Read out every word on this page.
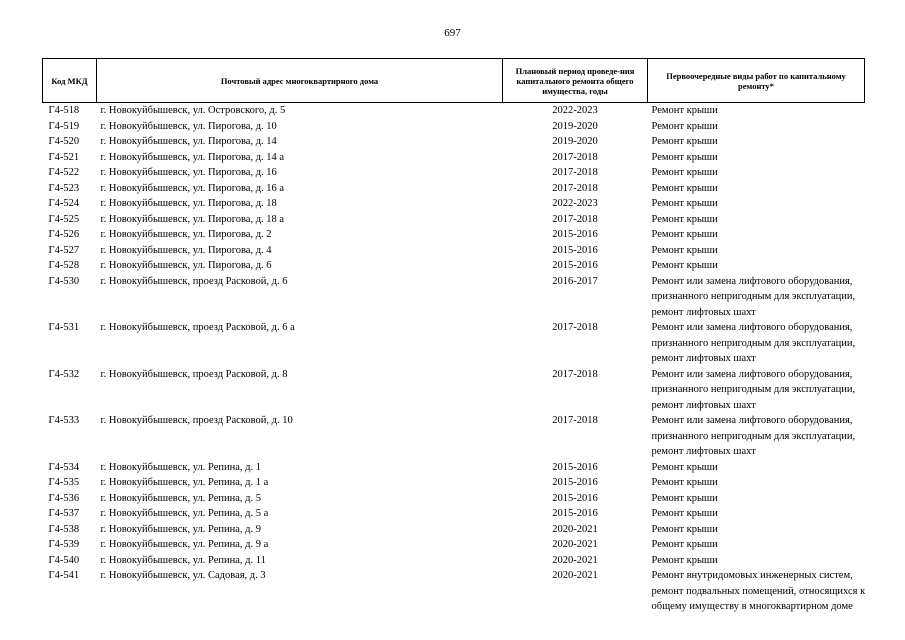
697
Код МКД	Почтовый адрес многоквартирного дома	Плановый период проведе-ния капитального ремонта общего имущества, годы	Первоочередные виды работ по капитальному ремонту*
Г4-518	г. Новокуйбышевск, ул. Островского, д. 5	2022-2023	Ремонт крыши

Г4-519	г. Новокуйбышевск, ул. Пирогова, д. 10	2019-2020	Ремонт крыши

Г4-520	г. Новокуйбышевск, ул. Пирогова, д. 14	2019-2020	Ремонт крыши

Г4-521	г. Новокуйбышевск, ул. Пирогова, д. 14 а	2017-2018	Ремонт крыши

Г4-522	г. Новокуйбышевск, ул. Пирогова, д. 16	2017-2018	Ремонт крыши

Г4-523	г. Новокуйбышевск, ул. Пирогова, д. 16 а	2017-2018	Ремонт крыши

Г4-524	г. Новокуйбышевск, ул. Пирогова, д. 18	2022-2023	Ремонт крыши

Г4-525	г. Новокуйбышевск, ул. Пирогова, д. 18 а	2017-2018	Ремонт крыши

Г4-526	г. Новокуйбышевск, ул. Пирогова, д. 2	2015-2016	Ремонт крыши

Г4-527	г. Новокуйбышевск, ул. Пирогова, д. 4	2015-2016	Ремонт крыши

Г4-528	г. Новокуйбышевск, ул. Пирогова, д. 6	2015-2016	Ремонт крыши

Г4-530	г. Новокуйбышевск, проезд Расковой, д. 6	2016-2017	Ремонт или замена лифтового оборудования,
признанного непригодным для эксплуатации,
ремонт лифтовых шахт

Г4-531	г. Новокуйбышевск, проезд Расковой, д. 6 а	2017-2018	Ремонт или замена лифтового оборудования,
признанного непригодным для эксплуатации,
ремонт лифтовых шахт

Г4-532	г. Новокуйбышевск, проезд Расковой, д. 8	2017-2018	Ремонт или замена лифтового оборудования,
признанного непригодным для эксплуатации,
ремонт лифтовых шахт

Г4-533	г. Новокуйбышевск, проезд Расковой, д. 10	2017-2018	Ремонт или замена лифтового оборудования,
признанного непригодным для эксплуатации,
ремонт лифтовых шахт

Г4-534	г. Новокуйбышевск, ул. Репина, д. 1	2015-2016	Ремонт крыши

Г4-535	г. Новокуйбышевск, ул. Репина, д. 1 а	2015-2016	Ремонт крыши

Г4-536	г. Новокуйбышевск, ул. Репина, д. 5	2015-2016	Ремонт крыши

Г4-537	г. Новокуйбышевск, ул. Репина, д. 5 а	2015-2016	Ремонт крыши

Г4-538	г. Новокуйбышевск, ул. Репина, д. 9	2020-2021	Ремонт крыши

Г4-539	г. Новокуйбышевск, ул. Репина, д. 9 а	2020-2021	Ремонт крыши

Г4-540	г. Новокуйбышевск, ул. Репина, д. 11	2020-2021	Ремонт крыши

Г4-541	г. Новокуйбышевск, ул. Садовая, д. 3	2020-2021	Ремонт внутридомовых инженерных систем,
ремонт подвальных помещений, относящихся к
общему имуществу в многоквартирном доме
